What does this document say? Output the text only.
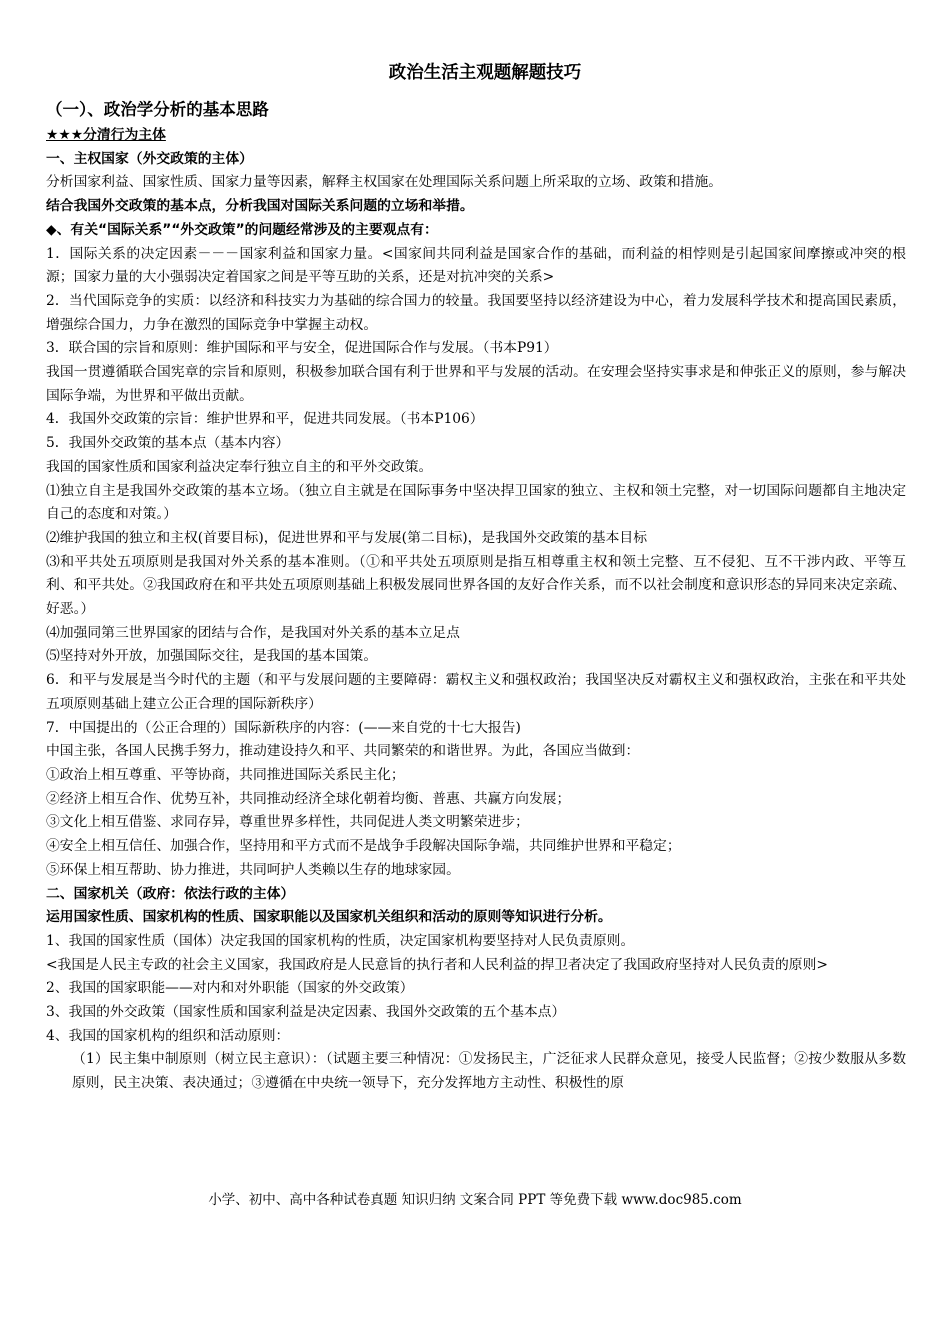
政治生活主观题解题技巧
（一）、政治学分析的基本思路
★★★分清行为主体
一、主权国家（外交政策的主体）
分析国家利益、国家性质、国家力量等因素，解释主权国家在处理国际关系问题上所采取的立场、政策和措施。
结合我国外交政策的基本点，分析我国对国际关系问题的立场和举措。
◆、有关“国际关系”“外交政策”的问题经常涉及的主要观点有：
1．国际关系的决定因素－－－国家利益和国家力量。<国家间共同利益是国家合作的基础，而利益的相悖则是引起国家间摩擦或冲突的根源；国家力量的大小强弱决定着国家之间是平等互助的关系，还是对抗冲突的关系>
2．当代国际竞争的实质：以经济和科技实力为基础的综合国力的较量。我国要坚持以经济建设为中心，着力发展科学技术和提高国民素质，增强综合国力，力争在激烈的国际竞争中掌握主动权。
3．联合国的宗旨和原则：维护国际和平与安全，促进国际合作与发展。（书本P91）
我国一贯遵循联合国宪章的宗旨和原则，积极参加联合国有利于世界和平与发展的活动。在安理会坚持实事求是和伸张正义的原则，参与解决国际争端，为世界和平做出贡献。
4．我国外交政策的宗旨：维护世界和平，促进共同发展。（书本P106）
5．我国外交政策的基本点（基本内容）
我国的国家性质和国家利益决定奉行独立自主的和平外交政策。
⑴独立自主是我国外交政策的基本立场。（独立自主就是在国际事务中坚决捍卫国家的独立、主权和领土完整，对一切国际问题都自主地决定自己的态度和对策。）
⑵维护我国的独立和主权(首要目标)，促进世界和平与发展(第二目标)，是我国外交政策的基本目标
⑶和平共处五项原则是我国对外关系的基本准则。（①和平共处五项原则是指互相尊重主权和领土完整、互不侵犯、互不干涉内政、平等互利、和平共处。②我国政府在和平共处五项原则基础上积极发展同世界各国的友好合作关系，而不以社会制度和意识形态的异同来决定亲疏、好恶。）
⑷加强同第三世界国家的团结与合作，是我国对外关系的基本立足点
⑸坚持对外开放，加强国际交往，是我国的基本国策。
6．和平与发展是当今时代的主题（和平与发展问题的主要障碍：霸权主义和强权政治；我国坚决反对霸权主义和强权政治，主张在和平共处五项原则基础上建立公正合理的国际新秩序）
7．中国提出的（公正合理的）国际新秩序的内容：(——来自党的十七大报告)
中国主张，各国人民携手努力，推动建设持久和平、共同繁荣的和谐世界。为此，各国应当做到：
①政治上相互尊重、平等协商，共同推进国际关系民主化；
②经济上相互合作、优势互补，共同推动经济全球化朝着均衡、普惠、共赢方向发展；
③文化上相互借鉴、求同存异，尊重世界多样性，共同促进人类文明繁荣进步；
④安全上相互信任、加强合作，坚持用和平方式而不是战争手段解决国际争端，共同维护世界和平稳定；
⑤环保上相互帮助、协力推进，共同呵护人类赖以生存的地球家园。
二、国家机关（政府：依法行政的主体）
运用国家性质、国家机构的性质、国家职能以及国家机关组织和活动的原则等知识进行分析。
1、我国的国家性质（国体）决定我国的国家机构的性质，决定国家机构要坚持对人民负责原则。
<我国是人民主专政的社会主义国家，我国政府是人民意旨的执行者和人民利益的捍卫者决定了我国政府坚持对人民负责的原则>
2、我国的国家职能——对内和对外职能（国家的外交政策）
3、我国的外交政策（国家性质和国家利益是决定因素、我国外交政策的五个基本点）
4、我国的国家机构的组织和活动原则：
（1）民主集中制原则（树立民主意识）：（试题主要三种情况：①发扬民主，广泛征求人民群众意见，接受人民监督；②按少数服从多数原则，民主决策、表决通过；③遵循在中央统一领导下，充分发挥地方主动性、积极性的原
小学、初中、高中各种试卷真题 知识归纳 文案合同 PPT 等免费下载 www.doc985.com
